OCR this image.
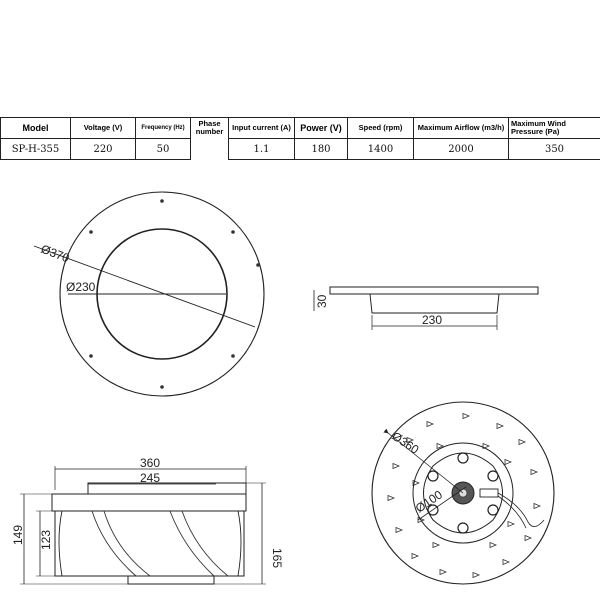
Model	Voltage (V)	Frequency (Hz)	Phase number	Input current (A)	Power (V)	Speed (rpm)	Maximum Airflow (m3/h)	Maximum Wind Pressure (Pa)
SP-H-355	220	50		1.1	180	1400	2000	350
Ø370
Ø230
230
30
360
245
149 123
165
Ø360
Ø100
